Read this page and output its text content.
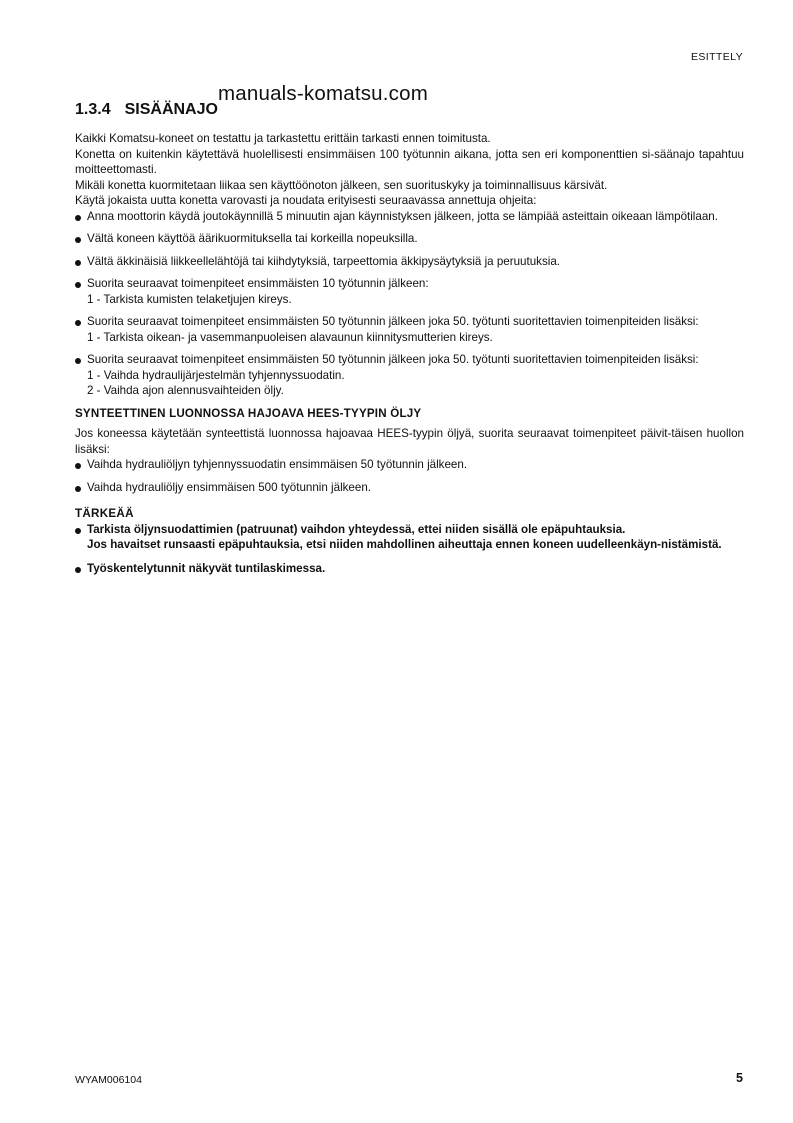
ESITTELY
1.3.4 SISÄÄNAJO
manuals-komatsu.com

Kaikki Komatsu-koneet on testattu ja tarkastettu erittäin tarkasti ennen toimitusta.

Konetta on kuitenkin käytettävä huolellisesti ensimmäisen 100 työtunnin aikana, jotta sen eri komponenttien si-säänajo tapahtuu moitteettomasti.

Mikäli konetta kuormitetaan liikaa sen käyttöönoton jälkeen, sen suorituskyky ja toiminnallisuus kärsivät.

Käytä jokaista uutta konetta varovasti ja noudata erityisesti seuraavassa annettuja ohjeita:

Anna moottorin käydä joutokäynnillä 5 minuutin ajan käynnistyksen jälkeen, jotta se lämpiää asteittain oikeaan lämpötilaan.
Vältä koneen käyttöä äärikuormituksella tai korkeilla nopeuksilla.
Vältä äkkinäisiä liikkeellelähtöjä tai kiihdytyksiä, tarpeettomia äkkipysäytyksiä ja peruutuksia.
Suorita seuraavat toimenpiteet ensimmäisten 10 työtunnin jälkeen:
1 - Tarkista kumisten telaketjujen kireys.
Suorita seuraavat toimenpiteet ensimmäisten 50 työtunnin jälkeen joka 50. työtunti suoritettavien toimenpiteiden lisäksi:
1 - Tarkista oikean- ja vasemmanpuoleisen alavaunun kiinnitysmutterien kireys.
Suorita seuraavat toimenpiteet ensimmäisten 50 työtunnin jälkeen joka 50. työtunti suoritettavien toimenpiteiden lisäksi:
1 - Vaihda hydraulijärjestelmän tyhjennyssuodatin.
2 - Vaihda ajon alennusvaihteiden öljy.
SYNTEETTINEN LUONNOSSA HAJOAVA HEES-TYYPIN ÖLJY
Jos koneessa käytetään synteettistä luonnossa hajoavaa HEES-tyypin öljyä, suorita seuraavat toimenpiteet päivit-täisen huollon lisäksi:
Vaihda hydrauliöljyn tyhjennyssuodatin ensimmäisen 50 työtunnin jälkeen.
Vaihda hydrauliöljy ensimmäisen 500 työtunnin jälkeen.
TÄRKEÄÄ
Tarkista öljynsuodattimien (patruunat) vaihdon yhteydessä, ettei niiden sisällä ole epäpuhtauksia.
Jos havaitset runsaasti epäpuhtauksia, etsi niiden mahdollinen aiheuttaja ennen koneen uudelleenkäyn-nistämistä.
Työskentelytunnit näkyvät tuntilaskimessa.
WYAM006104	5
